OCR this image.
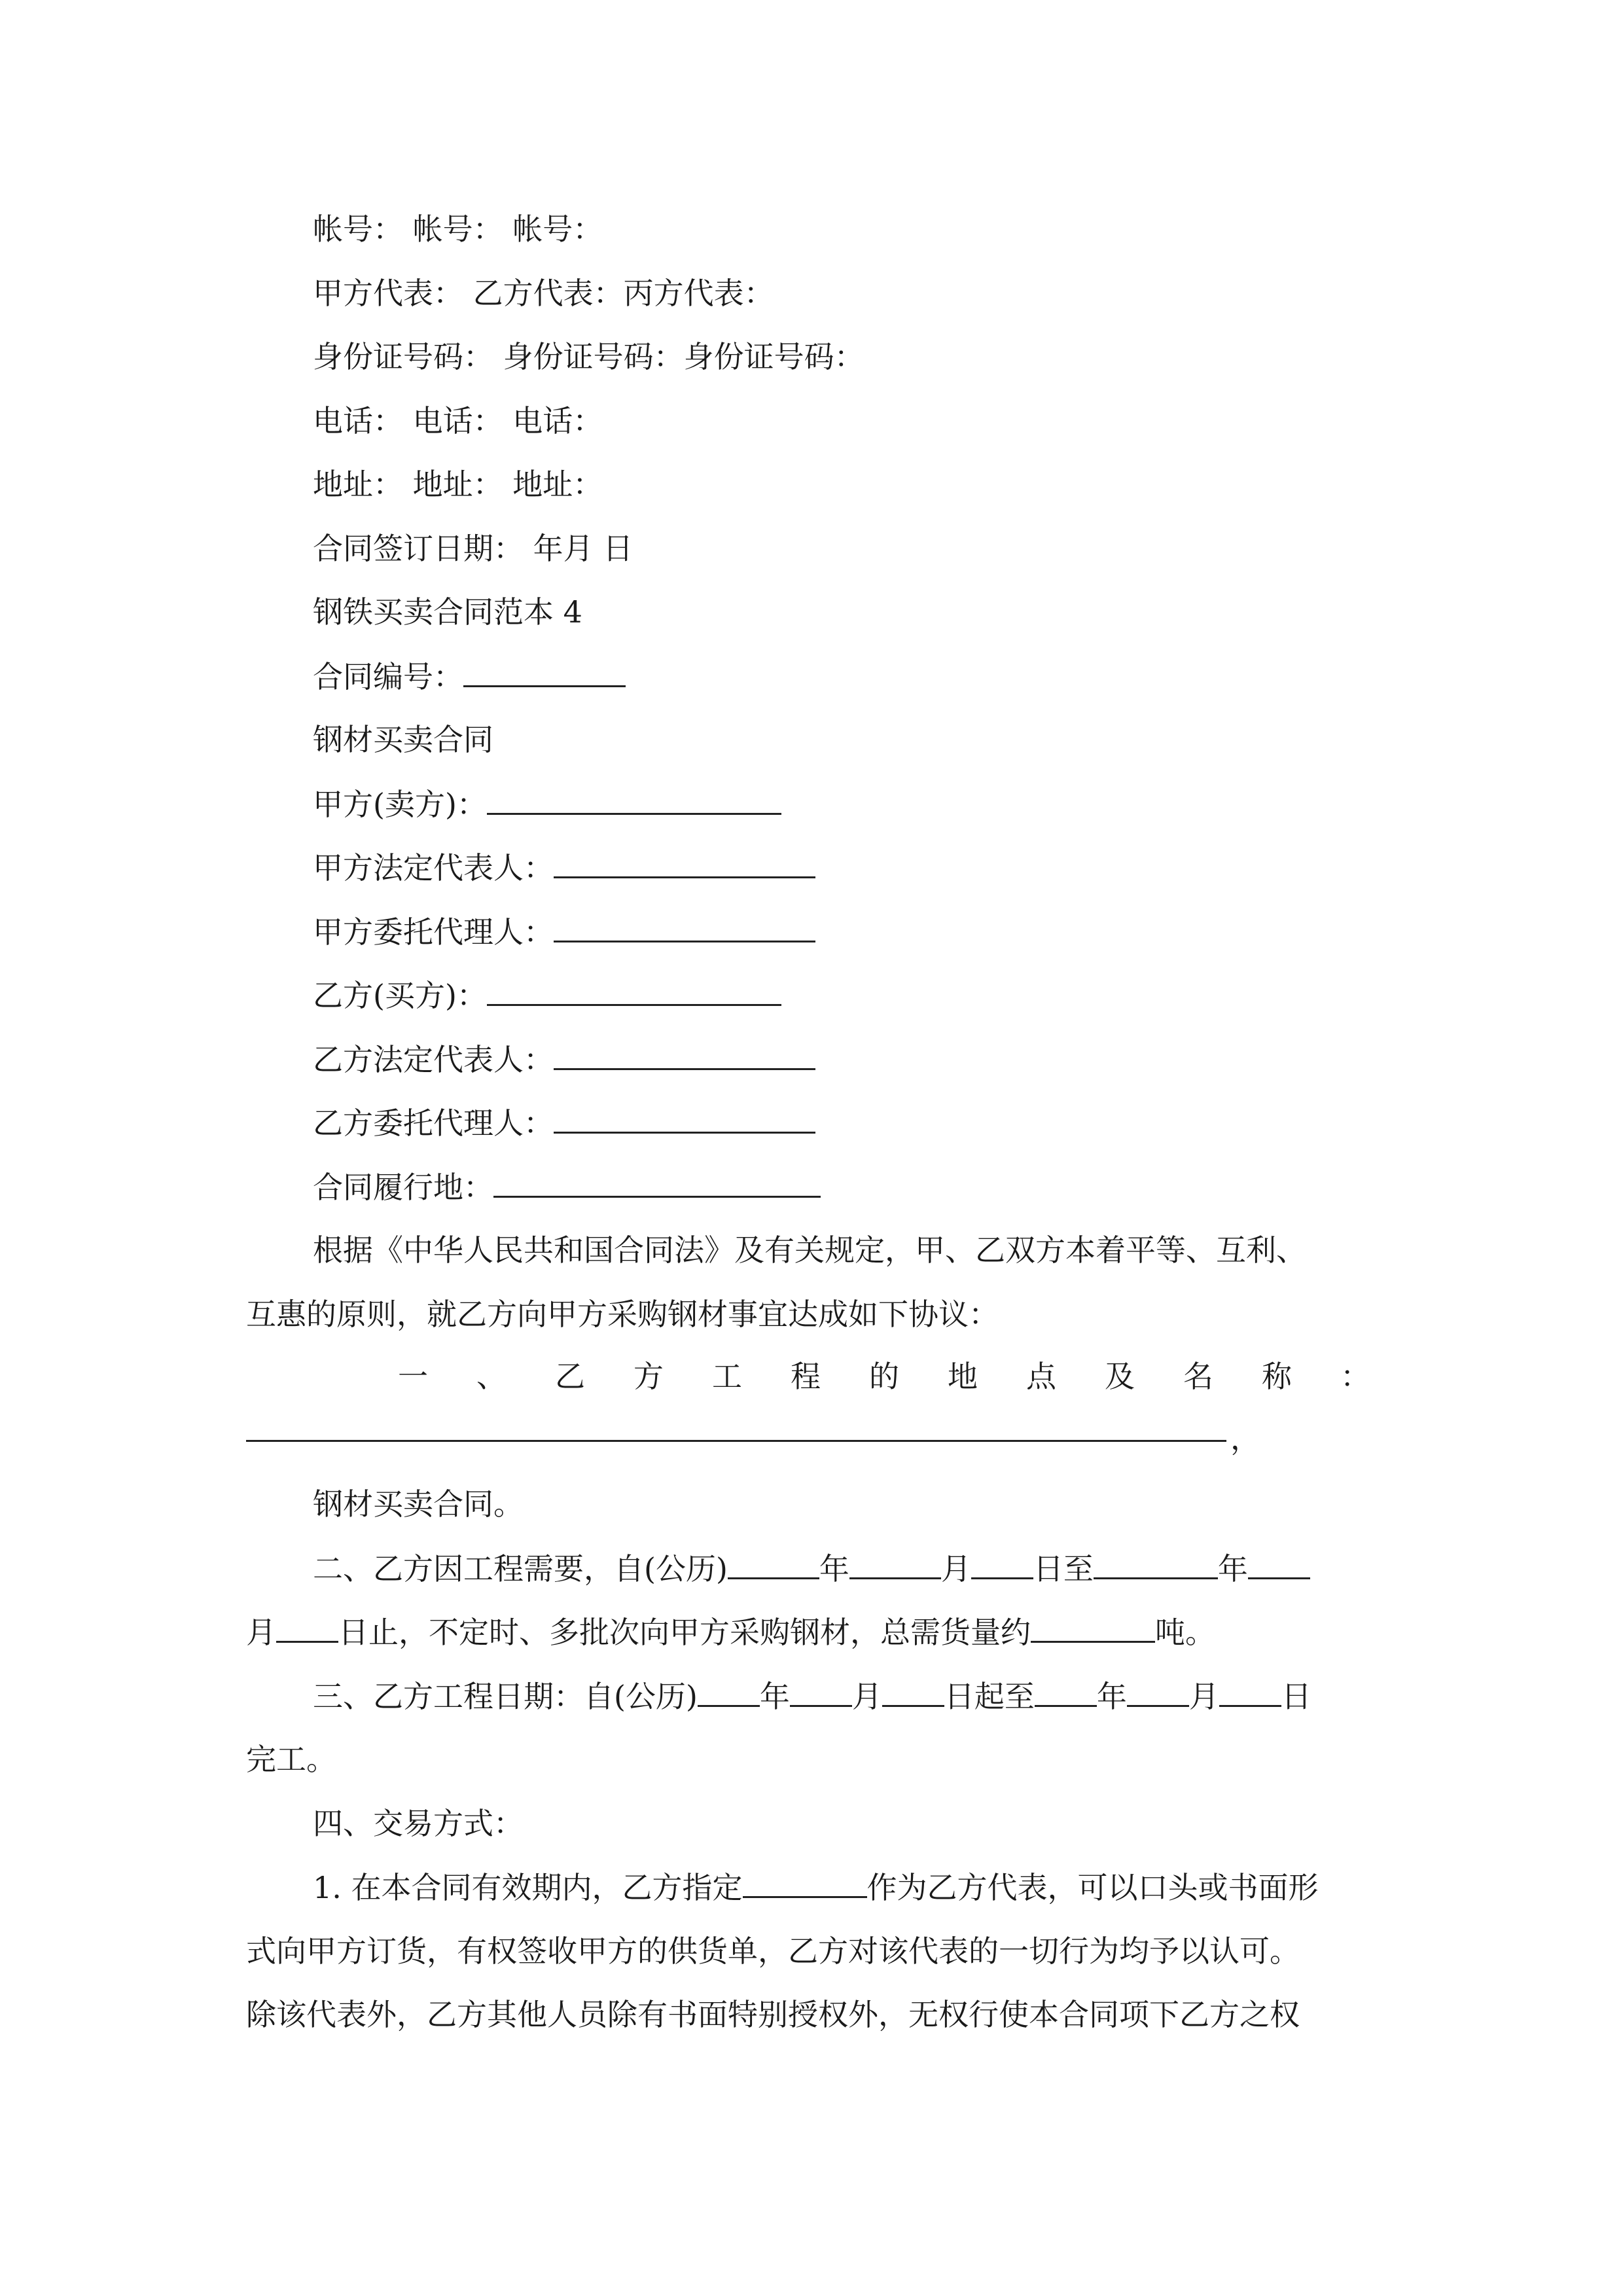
帐号： 帐号： 帐号：
甲方代表： 乙方代表：丙方代表：
身份证号码： 身份证号码：身份证号码：
电话： 电话： 电话：
地址： 地址： 地址：
合同签订日期： 年月 日
钢铁买卖合同范本 4
合同编号：
钢材买卖合同
甲方(卖方)：
甲方法定代表人：
甲方委托代理人：
乙方(买方)：
乙方法定代表人：
乙方委托代理人：
合同履行地：
根据《中华人民共和国合同法》及有关规定，甲、乙双方本着平等、互利、
互惠的原则，就乙方向甲方采购钢材事宜达成如下协议：
一 、 乙 方 工 程 的 地 点 及 名 称 ：
，
钢材买卖合同。
二、乙方因工程需要，自(公历)	年	月 日至	年
月 日止，不定时、多批次向甲方采购钢材，总需货量约	吨。
三、乙方工程日期：自(公历) 年 月 日起至 年 月 日
完工。
四、交易方式：
1. 在本合同有效期内，乙方指定	作为乙方代表，可以口头或书面形
式向甲方订货，有权签收甲方的供货单，乙方对该代表的一切行为均予以认可。
除该代表外，乙方其他人员除有书面特别授权外，无权行使本合同项下乙方之权
